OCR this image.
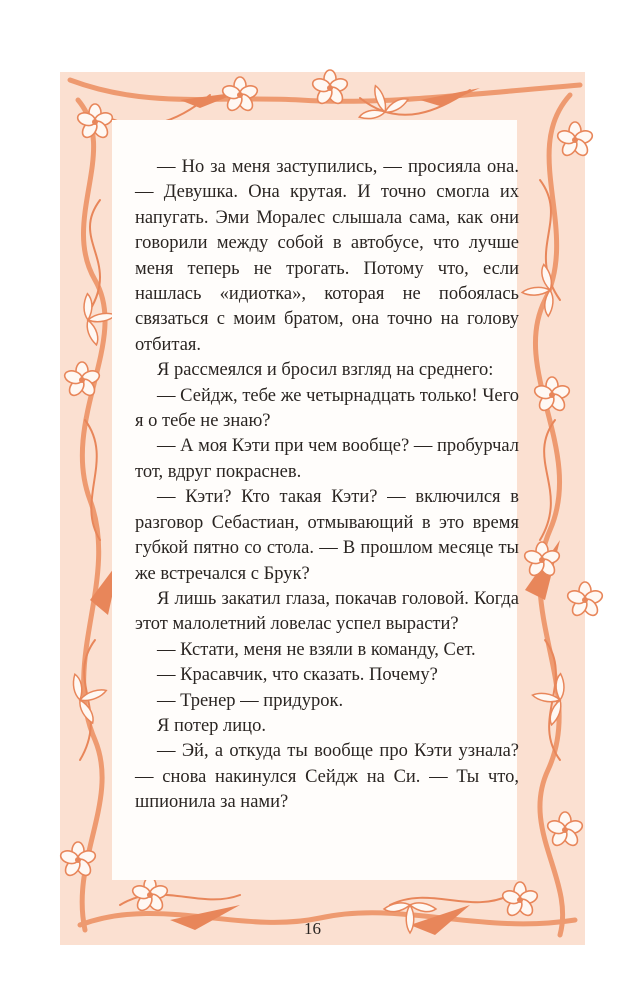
— Но за меня заступились, — просияла она. — Девушка. Она крутая. И точно смогла их напугать. Эми Моралес слышала сама, как они говорили между собой в автобусе, что лучше меня теперь не трогать. Потому что, если нашлась «идиотка», которая не побоялась связаться с моим братом, она точно на голову отбитая.

Я рассмеялся и бросил взгляд на среднего:

— Сейдж, тебе же четырнадцать только! Чего я о тебе не знаю?

— А моя Кэти при чем вообще? — пробурчал тот, вдруг покраснев.

— Кэти? Кто такая Кэти? — включился в разговор Себастиан, отмывающий в это время губкой пятно со стола. — В прошлом месяце ты же встречался с Брук?

Я лишь закатил глаза, покачав головой. Когда этот малолетний ловелас успел вырасти?

— Кстати, меня не взяли в команду, Сет.

— Красавчик, что сказать. Почему?

— Тренер — придурок.

Я потер лицо.

— Эй, а откуда ты вообще про Кэти узнала? — снова накинулся Сейдж на Си. — Ты что, шпионила за нами?

16
